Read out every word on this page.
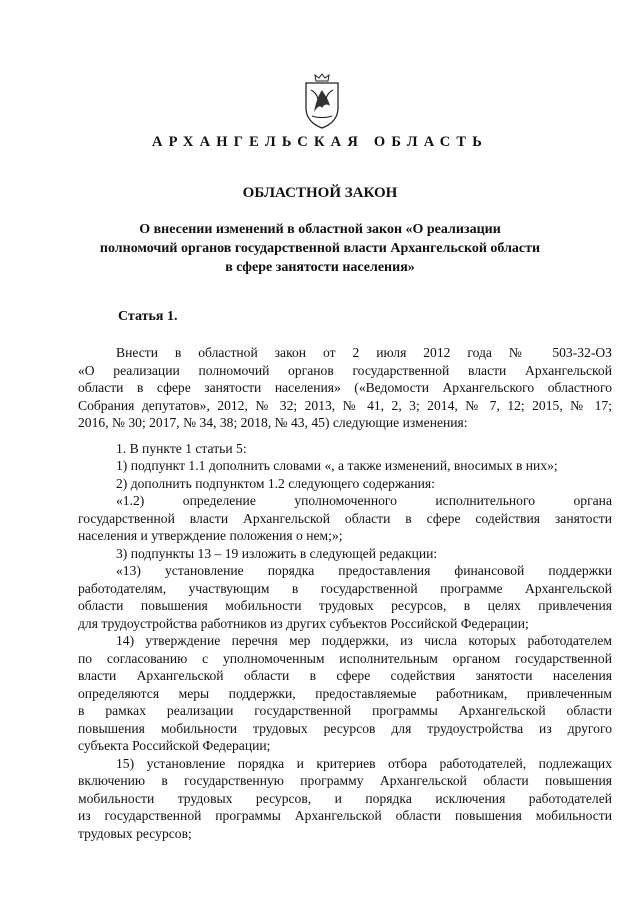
АРХАНГЕЛЬСКАЯ ОБЛАСТЬ
ОБЛАСТНОЙ ЗАКОН
О внесении изменений в областной закон «О реализации
полномочий органов государственной власти Архангельской области
в сфере занятости населения»
Статья 1.
Внести в областной закон от 2 июля 2012 года № 503-32-ОЗ
«О реализации полномочий органов государственной власти Архангельской
области в сфере занятости населения» («Ведомости Архангельского областного
Собрания депутатов», 2012, № 32; 2013, № 41, 2, 3; 2014, № 7, 12; 2015, № 17;
2016, № 30; 2017, № 34, 38; 2018, № 43, 45) следующие изменения:
1. В пункте 1 статьи 5:
1) подпункт 1.1 дополнить словами «, а также изменений, вносимых в них»;
2) дополнить подпунктом 1.2 следующего содержания:
«1.2) определение уполномоченного исполнительного органа
государственной власти Архангельской области в сфере содействия занятости
населения и утверждение положения о нем;»;
3) подпункты 13 – 19 изложить в следующей редакции:
«13) установление порядка предоставления финансовой поддержки
работодателям, участвующим в государственной программе Архангельской
области повышения мобильности трудовых ресурсов, в целях привлечения
для трудоустройства работников из других субъектов Российской Федерации;
14) утверждение перечня мер поддержки, из числа которых работодателем
по согласованию с уполномоченным исполнительным органом государственной
власти Архангельской области в сфере содействия занятости населения
определяются меры поддержки, предоставляемые работникам, привлеченным
в рамках реализации государственной программы Архангельской области
повышения мобильности трудовых ресурсов для трудоустройства из другого
субъекта Российской Федерации;
15) установление порядка и критериев отбора работодателей, подлежащих
включению в государственную программу Архангельской области повышения
мобильности трудовых ресурсов, и порядка исключения работодателей
из государственной программы Архангельской области повышения мобильности
трудовых ресурсов;
